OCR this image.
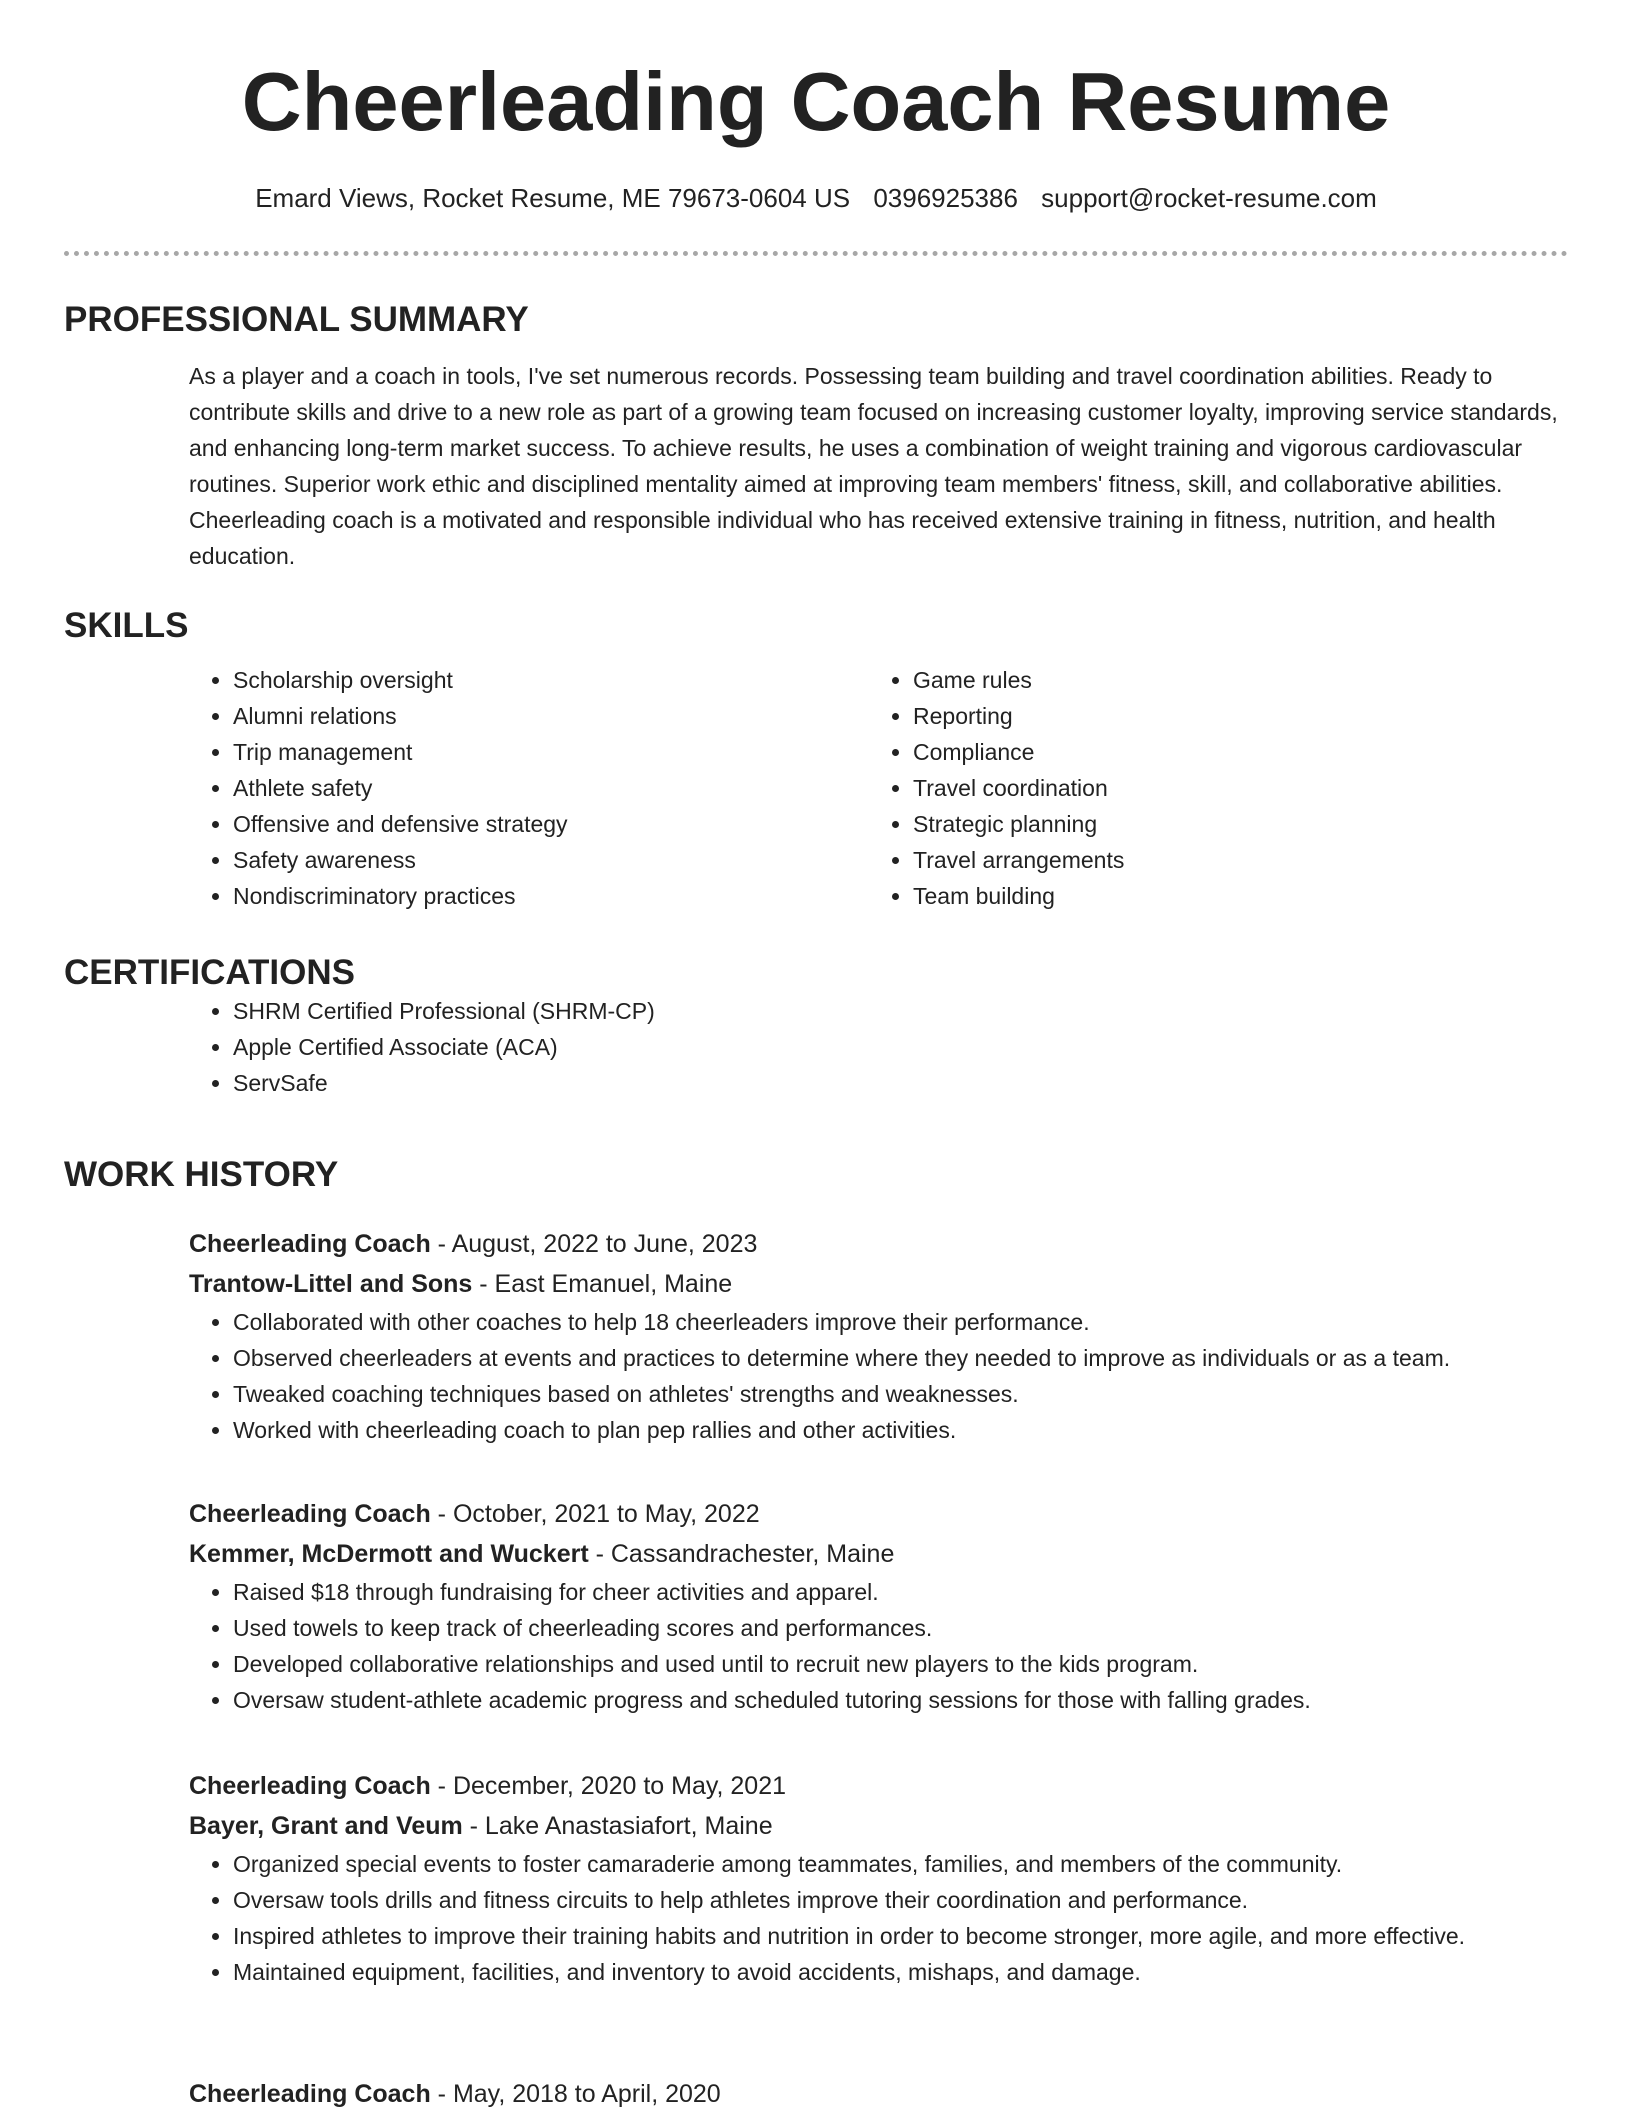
Cheerleading Coach Resume
Emard Views, Rocket Resume, ME 79673-0604 US 0396925386 support@rocket-resume.com
PROFESSIONAL SUMMARY

As a player and a coach in tools, I've set numerous records. Possessing team building and travel coordination abilities. Ready to contribute skills and drive to a new role as part of a growing team focused on increasing customer loyalty, improving service standards, and enhancing long-term market success. To achieve results, he uses a combination of weight training and vigorous cardiovascular routines. Superior work ethic and disciplined mentality aimed at improving team members' fitness, skill, and collaborative abilities. Cheerleading coach is a motivated and responsible individual who has received extensive training in fitness, nutrition, and health education.

SKILLS
• Scholarship oversight
• Alumni relations
• Trip management
• Athlete safety
• Offensive and defensive strategy
• Safety awareness
• Nondiscriminatory practices
• Game rules
• Reporting
• Compliance
• Travel coordination
• Strategic planning
• Travel arrangements
• Team building
CERTIFICATIONS
• SHRM Certified Professional (SHRM-CP)
• Apple Certified Associate (ACA)
• ServSafe
WORK HISTORY
Cheerleading Coach - August, 2022 to June, 2023
Trantow-Littel and Sons - East Emanuel, Maine
• Collaborated with other coaches to help 18 cheerleaders improve their performance.
• Observed cheerleaders at events and practices to determine where they needed to improve as individuals or as a team.
• Tweaked coaching techniques based on athletes' strengths and weaknesses.
• Worked with cheerleading coach to plan pep rallies and other activities.
Cheerleading Coach - October, 2021 to May, 2022
Kemmer, McDermott and Wuckert - Cassandrachester, Maine
• Raised $18 through fundraising for cheer activities and apparel.
• Used towels to keep track of cheerleading scores and performances.
• Developed collaborative relationships and used until to recruit new players to the kids program.
• Oversaw student-athlete academic progress and scheduled tutoring sessions for those with falling grades.
Cheerleading Coach - December, 2020 to May, 2021
Bayer, Grant and Veum - Lake Anastasiafort, Maine
• Organized special events to foster camaraderie among teammates, families, and members of the community.
• Oversaw tools drills and fitness circuits to help athletes improve their coordination and performance.
• Inspired athletes to improve their training habits and nutrition in order to become stronger, more agile, and more effective.
• Maintained equipment, facilities, and inventory to avoid accidents, mishaps, and damage.
Cheerleading Coach - May, 2018 to April, 2020
